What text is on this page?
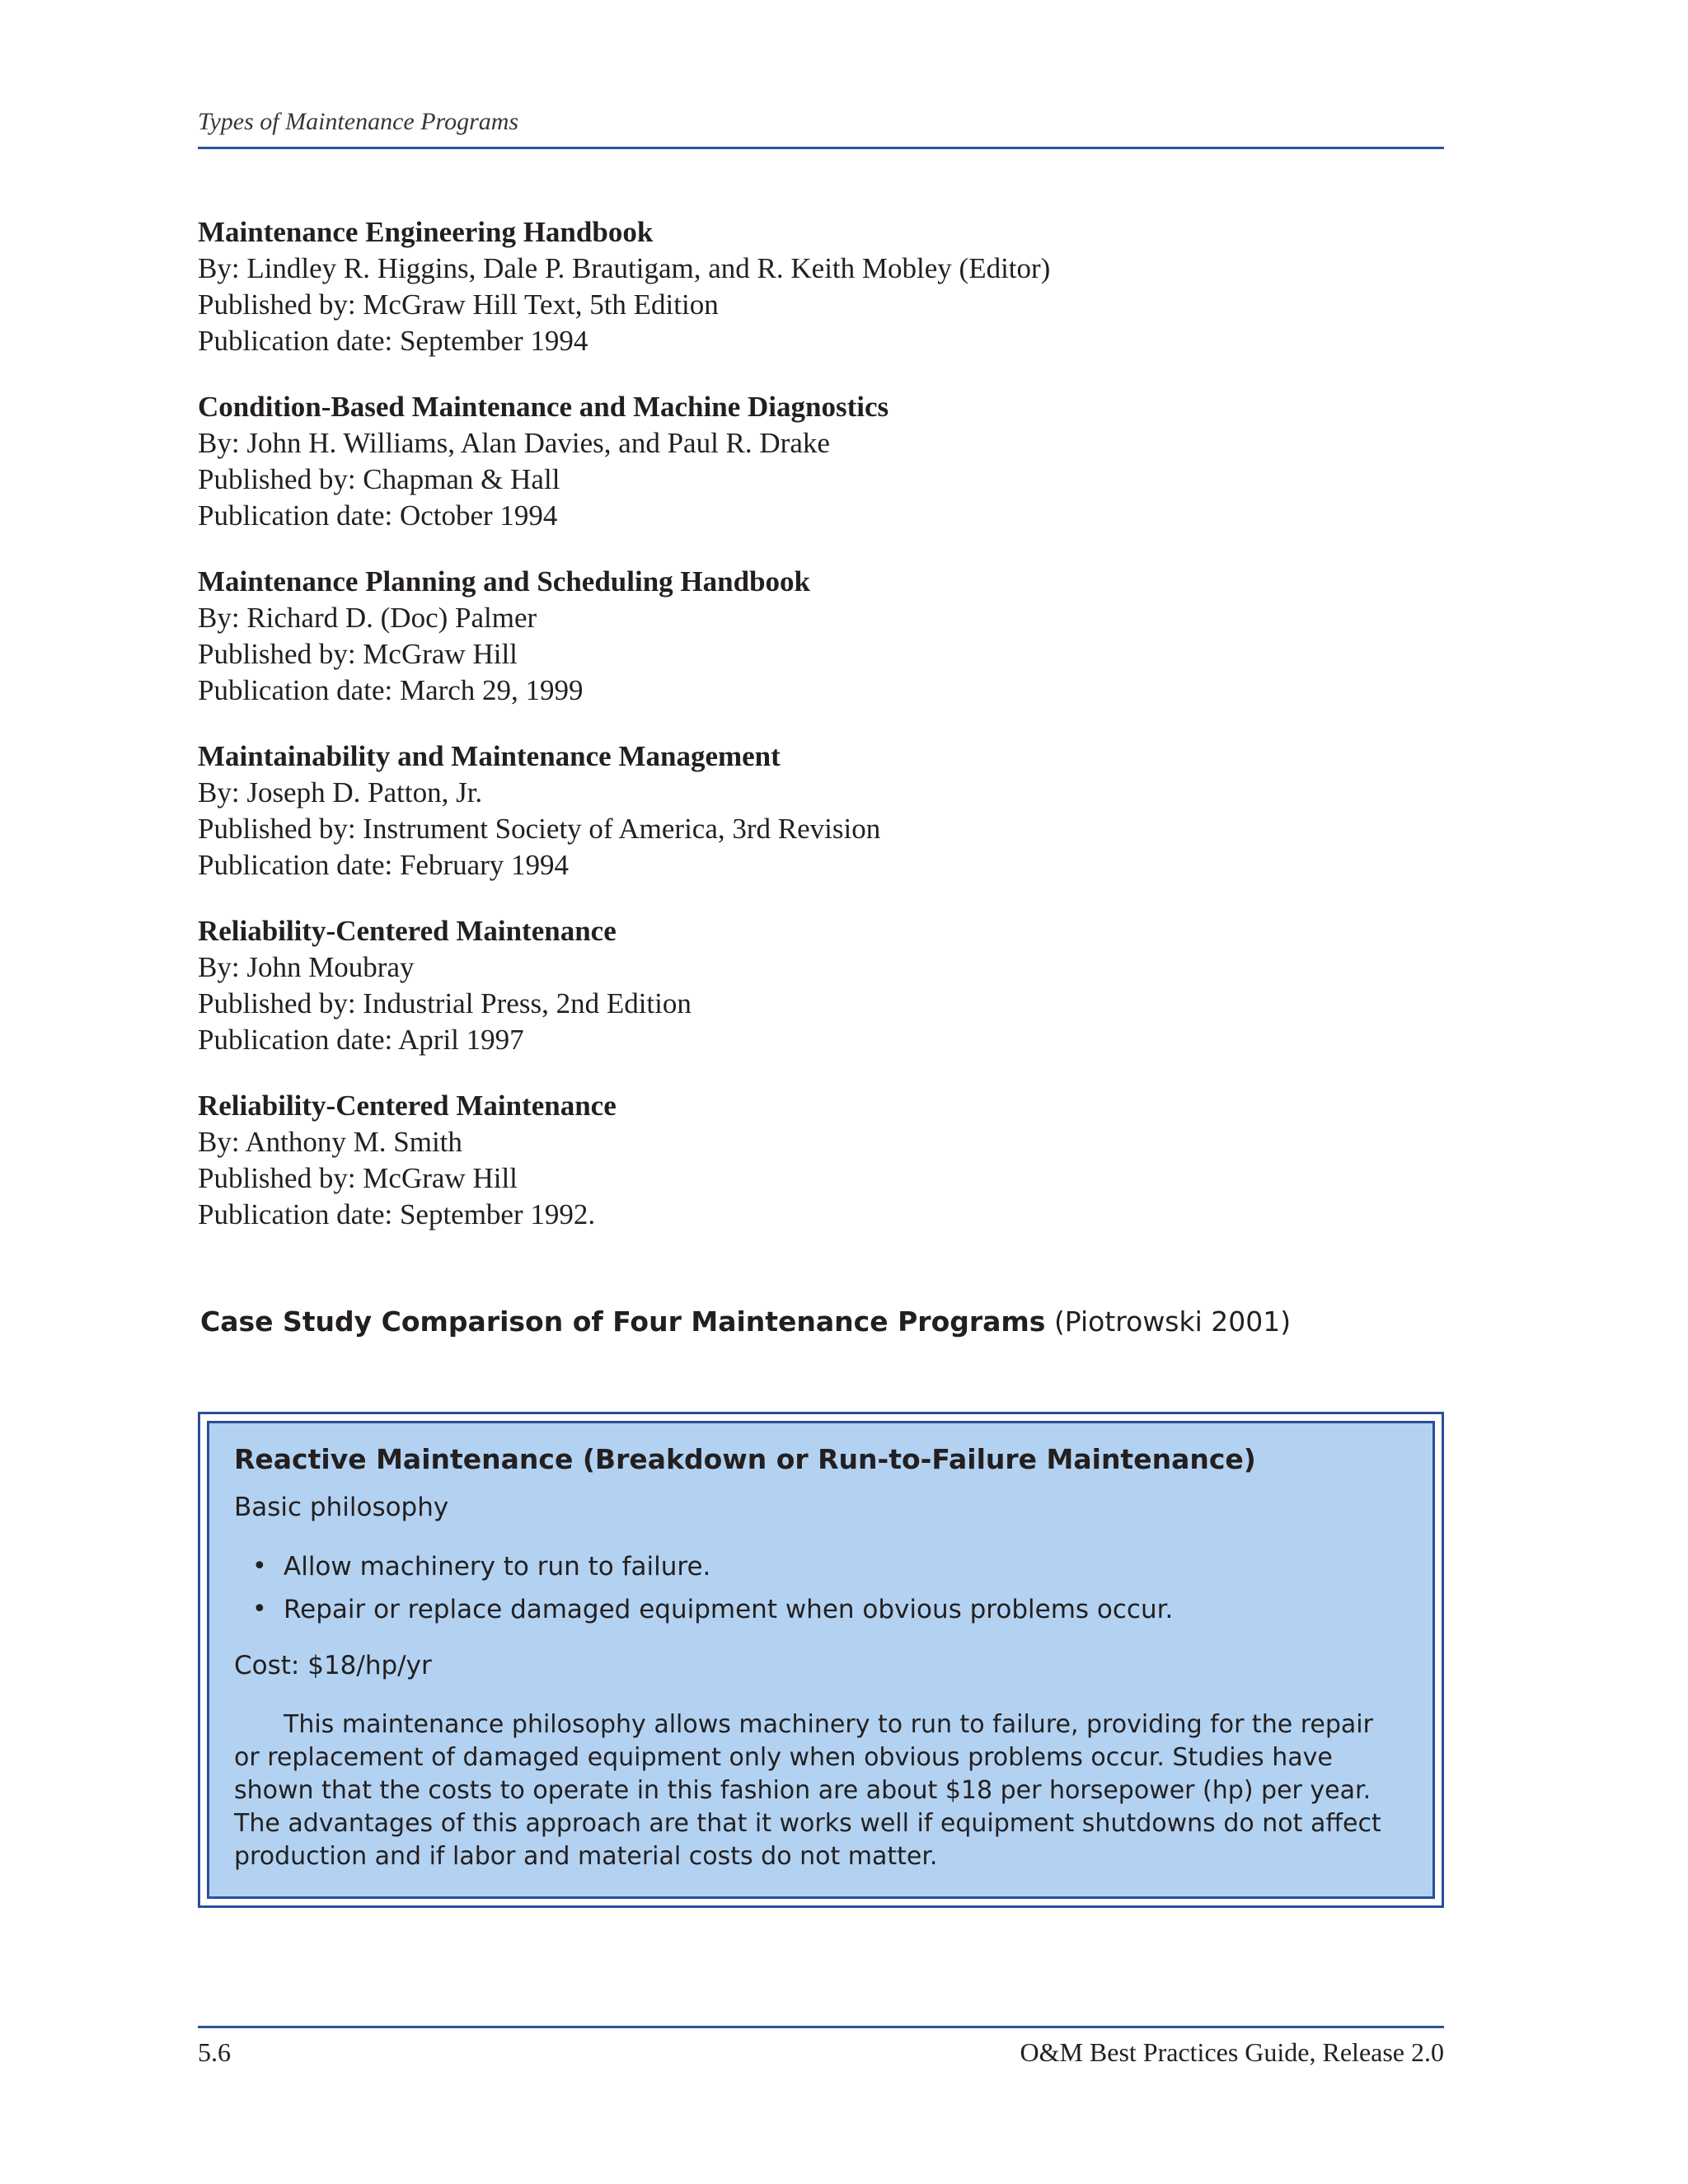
Types of Maintenance Programs
Maintenance Engineering Handbook
By: Lindley R. Higgins, Dale P. Brautigam, and R. Keith Mobley (Editor)
Published by: McGraw Hill Text, 5th Edition
Publication date: September 1994
Condition-Based Maintenance and Machine Diagnostics
By: John H. Williams, Alan Davies, and Paul R. Drake
Published by: Chapman & Hall
Publication date: October 1994
Maintenance Planning and Scheduling Handbook
By: Richard D. (Doc) Palmer
Published by: McGraw Hill
Publication date: March 29, 1999
Maintainability and Maintenance Management
By: Joseph D. Patton, Jr.
Published by: Instrument Society of America, 3rd Revision
Publication date: February 1994
Reliability-Centered Maintenance
By: John Moubray
Published by: Industrial Press, 2nd Edition
Publication date: April 1997
Reliability-Centered Maintenance
By: Anthony M. Smith
Published by: McGraw Hill
Publication date: September 1992.
Case Study Comparison of Four Maintenance Programs (Piotrowski 2001)
Reactive Maintenance (Breakdown or Run-to-Failure Maintenance)
Basic philosophy
• Allow machinery to run to failure.
• Repair or replace damaged equipment when obvious problems occur.
Cost: $18/hp/yr
This maintenance philosophy allows machinery to run to failure, providing for the repair or replacement of damaged equipment only when obvious problems occur. Studies have shown that the costs to operate in this fashion are about $18 per horsepower (hp) per year. The advantages of this approach are that it works well if equipment shutdowns do not affect production and if labor and material costs do not matter.
5.6	O&M Best Practices Guide, Release 2.0
